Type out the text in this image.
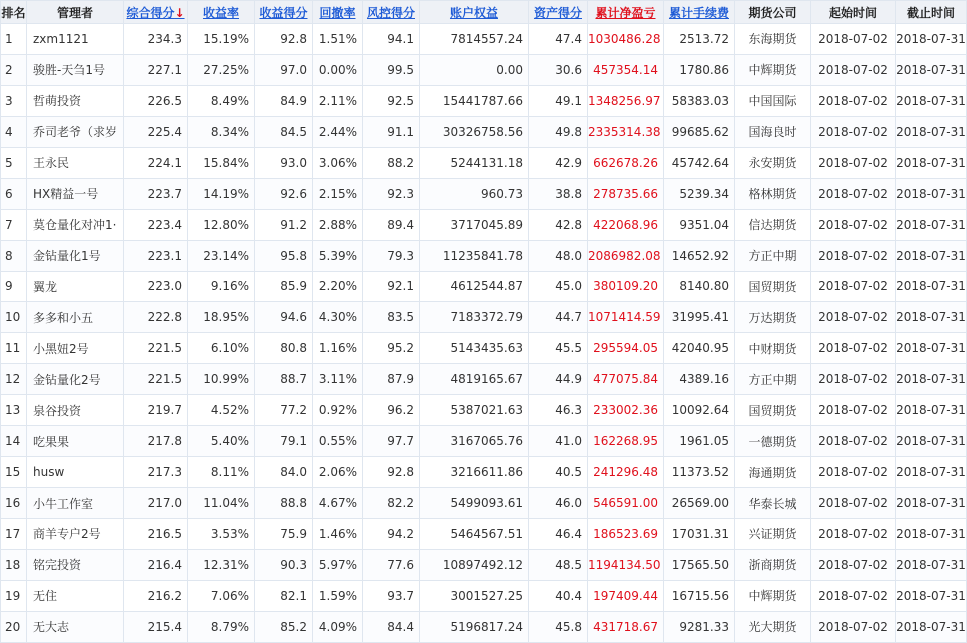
排名	管理者	综合得分↓	收益率	收益得分	回撤率	风控得分	账户权益	资产得分	累计净盈亏	累计手续费	期货公司	起始时间	截止时间
1	zxm1121	234.3	15.19%	92.8	1.51%	94.1	7814557.24	47.4	1030486.28	2513.72	东海期货	2018-07-02	2018-07-31
2	骏胜-天刍1号	227.1	27.25%	97.0	0.00%	99.5	0.00	30.6	457354.14	1780.86	中辉期货	2018-07-02	2018-07-31
3	哲萌投资	226.5	8.49%	84.9	2.11%	92.5	15441787.66	49.1	1348256.97	58383.03	中国国际	2018-07-02	2018-07-31
4	乔司老爷（求岁	225.4	8.34%	84.5	2.44%	91.1	30326758.56	49.8	2335314.38	99685.62	国海良时	2018-07-02	2018-07-31
5	王永民	224.1	15.84%	93.0	3.06%	88.2	5244131.18	42.9	662678.26	45742.64	永安期货	2018-07-02	2018-07-31
6	HX精益一号	223.7	14.19%	92.6	2.15%	92.3	960.73	38.8	278735.66	5239.34	格林期货	2018-07-02	2018-07-31
7	莫仓量化对冲1·	223.4	12.80%	91.2	2.88%	89.4	3717045.89	42.8	422068.96	9351.04	信达期货	2018-07-02	2018-07-31
8	金钻量化1号	223.1	23.14%	95.8	5.39%	79.3	11235841.78	48.0	2086982.08	14652.92	方正中期	2018-07-02	2018-07-31
9	翼龙	223.0	9.16%	85.9	2.20%	92.1	4612544.87	45.0	380109.20	8140.80	国贸期货	2018-07-02	2018-07-31
10	多多和小五	222.8	18.95%	94.6	4.30%	83.5	7183372.79	44.7	1071414.59	31995.41	万达期货	2018-07-02	2018-07-31
11	小黑妞2号	221.5	6.10%	80.8	1.16%	95.2	5143435.63	45.5	295594.05	42040.95	中财期货	2018-07-02	2018-07-31
12	金钻量化2号	221.5	10.99%	88.7	3.11%	87.9	4819165.67	44.9	477075.84	4389.16	方正中期	2018-07-02	2018-07-31
13	泉谷投资	219.7	4.52%	77.2	0.92%	96.2	5387021.63	46.3	233002.36	10092.64	国贸期货	2018-07-02	2018-07-31
14	吃果果	217.8	5.40%	79.1	0.55%	97.7	3167065.76	41.0	162268.95	1961.05	一德期货	2018-07-02	2018-07-31
15	husw	217.3	8.11%	84.0	2.06%	92.8	3216611.86	40.5	241296.48	11373.52	海通期货	2018-07-02	2018-07-31
16	小牛工作室	217.0	11.04%	88.8	4.67%	82.2	5499093.61	46.0	546591.00	26569.00	华泰长城	2018-07-02	2018-07-31
17	商羊专户2号	216.5	3.53%	75.9	1.46%	94.2	5464567.51	46.4	186523.69	17031.31	兴证期货	2018-07-02	2018-07-31
18	铭完投资	216.4	12.31%	90.3	5.97%	77.6	10897492.12	48.5	1194134.50	17565.50	浙商期货	2018-07-02	2018-07-31
19	无住	216.2	7.06%	82.1	1.59%	93.7	3001527.25	40.4	197409.44	16715.56	中辉期货	2018-07-02	2018-07-31
20	无大志	215.4	8.79%	85.2	4.09%	84.4	5196817.24	45.8	431718.67	9281.33	光大期货	2018-07-02	2018-07-31
